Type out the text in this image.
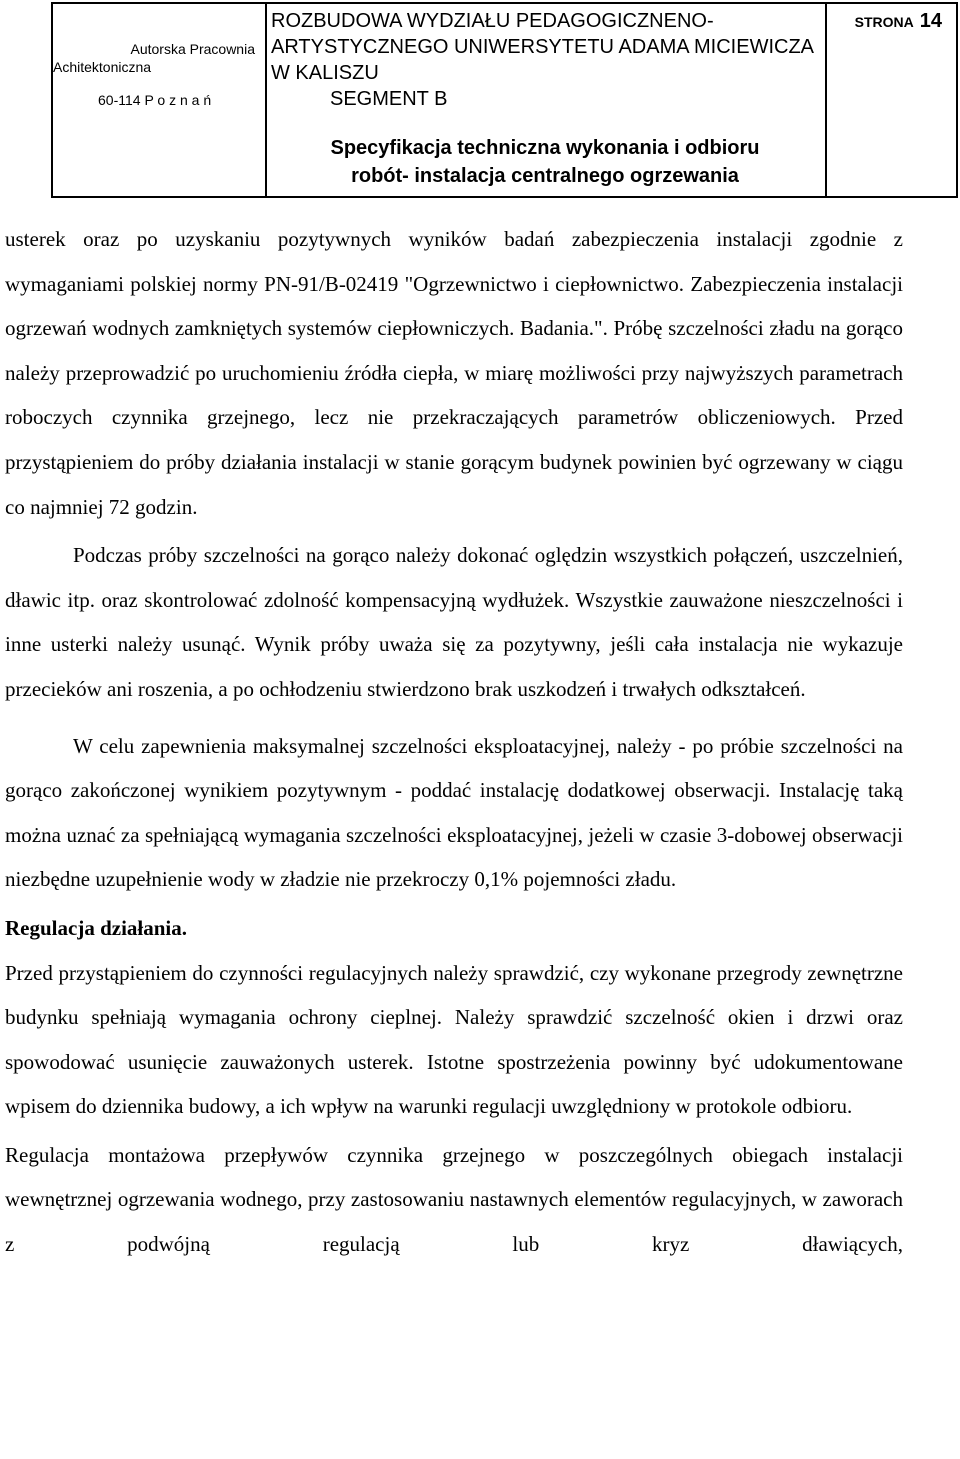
Autorska Pracownia
Achitektoniczna
60-114 P o z n a ń
ROZBUDOWA WYDZIAŁU PEDAGOGICZNENO-
ARTYSTYCZNEGO UNIWERSYTETU ADAMA MICIEWICZA
W KALISZU
SEGMENT B
Specyfikacja techniczna wykonania i odbioru
robót- instalacja centralnego ogrzewania
STRONA 14

usterek oraz po uzyskaniu pozytywnych wyników badań zabezpieczenia instalacji zgodnie z wymaganiami polskiej normy PN-91/B-02419 "Ogrzewnictwo i ciepłownictwo. Zabezpieczenia instalacji ogrzewań wodnych zamkniętych systemów ciepłowniczych. Badania.". Próbę szczelności zładu na gorąco należy przeprowadzić po uruchomieniu źródła ciepła, w miarę możliwości przy najwyższych parametrach roboczych czynnika grzejnego, lecz nie przekraczających parametrów obliczeniowych. Przed przystąpieniem do próby działania instalacji w stanie gorącym budynek powinien być ogrzewany w ciągu co najmniej 72 godzin.

Podczas próby szczelności na gorąco należy dokonać oględzin wszystkich połączeń, uszczelnień, dławic itp. oraz skontrolować zdolność kompensacyjną wydłużek. Wszystkie zauważone nieszczelności i inne usterki należy usunąć. Wynik próby uważa się za pozytywny, jeśli cała instalacja nie wykazuje przecieków ani roszenia, a po ochłodzeniu stwierdzono brak uszkodzeń i trwałych odkształceń.

W celu zapewnienia maksymalnej szczelności eksploatacyjnej, należy - po próbie szczelności na gorąco zakończonej wynikiem pozytywnym - poddać instalację dodatkowej obserwacji. Instalację taką można uznać za spełniającą wymagania szczelności eksploatacyjnej, jeżeli w czasie 3-dobowej obserwacji niezbędne uzupełnienie wody w zładzie nie przekroczy 0,1% pojemności zładu.

Regulacja działania.

Przed przystąpieniem do czynności regulacyjnych należy sprawdzić, czy wykonane przegrody zewnętrzne budynku spełniają wymagania ochrony cieplnej. Należy sprawdzić szczelność okien i drzwi oraz spowodować usunięcie zauważonych usterek. Istotne spostrzeżenia powinny być udokumentowane wpisem do dziennika budowy, a ich wpływ na warunki regulacji uwzględniony w protokole odbioru.

Regulacja montażowa przepływów czynnika grzejnego w poszczególnych obiegach instalacji wewnętrznej ogrzewania wodnego, przy zastosowaniu nastawnych elementów regulacyjnych, w zaworach z podwójną regulacją lub kryz dławiących,
